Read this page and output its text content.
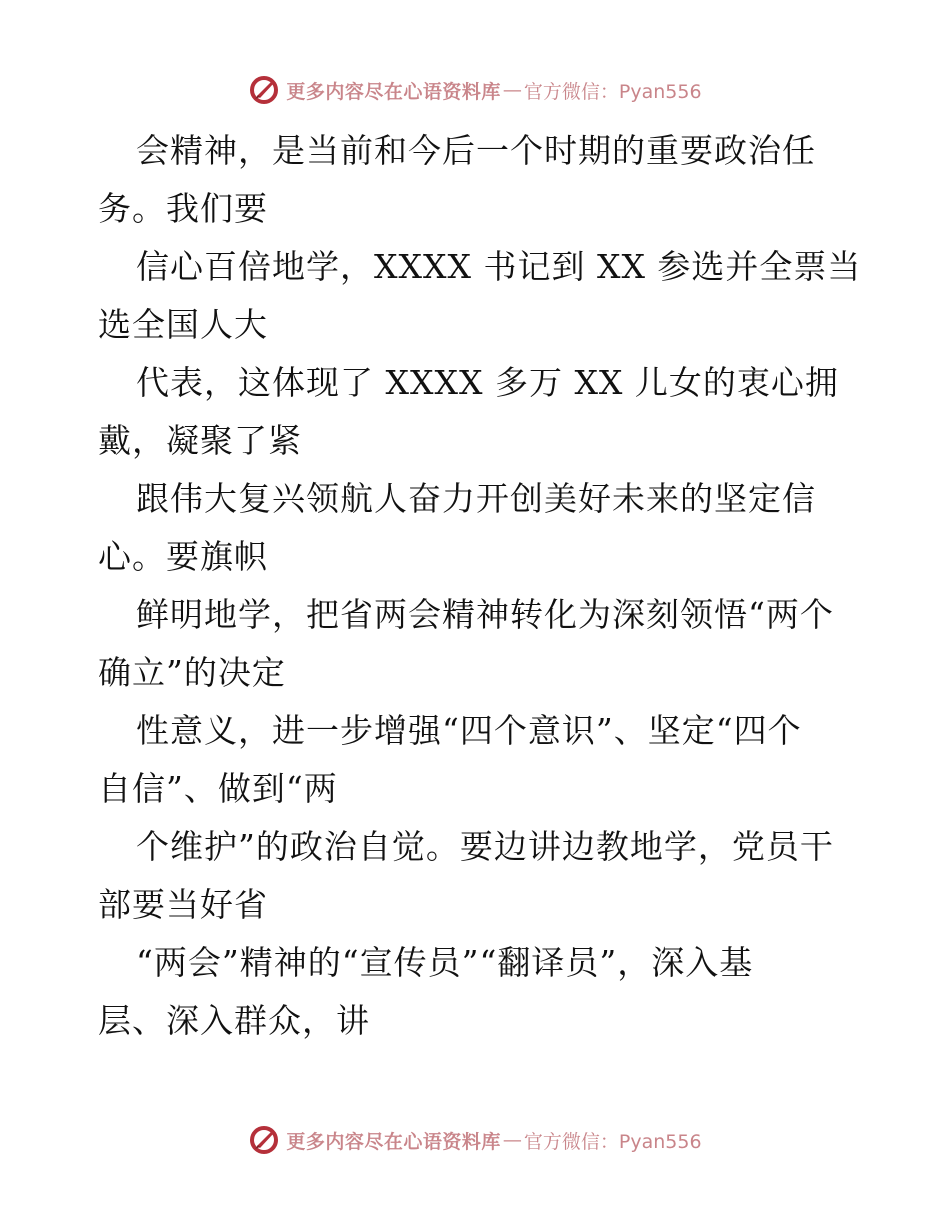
更多内容尽在心语资料库 — 官方微信：Pyan556
会精神，是当前和今后一个时期的重要政治任
务。我们要
信心百倍地学，XXXX 书记到 XX 参选并全票当
选全国人大
代表，这体现了 XXXX 多万 XX 儿女的衷心拥
戴，凝聚了紧
跟伟大复兴领航人奋力开创美好未来的坚定信
心。要旗帜
鲜明地学，把省两会精神转化为深刻领悟“两个
确立”的决定
性意义，进一步增强“四个意识”、坚定“四个
自信”、做到“两
个维护”的政治自觉。要边讲边教地学，党员干
部要当好省
“两会”精神的“宣传员”“翻译员”，深入基
层、深入群众，讲
更多内容尽在心语资料库 — 官方微信：Pyan556
